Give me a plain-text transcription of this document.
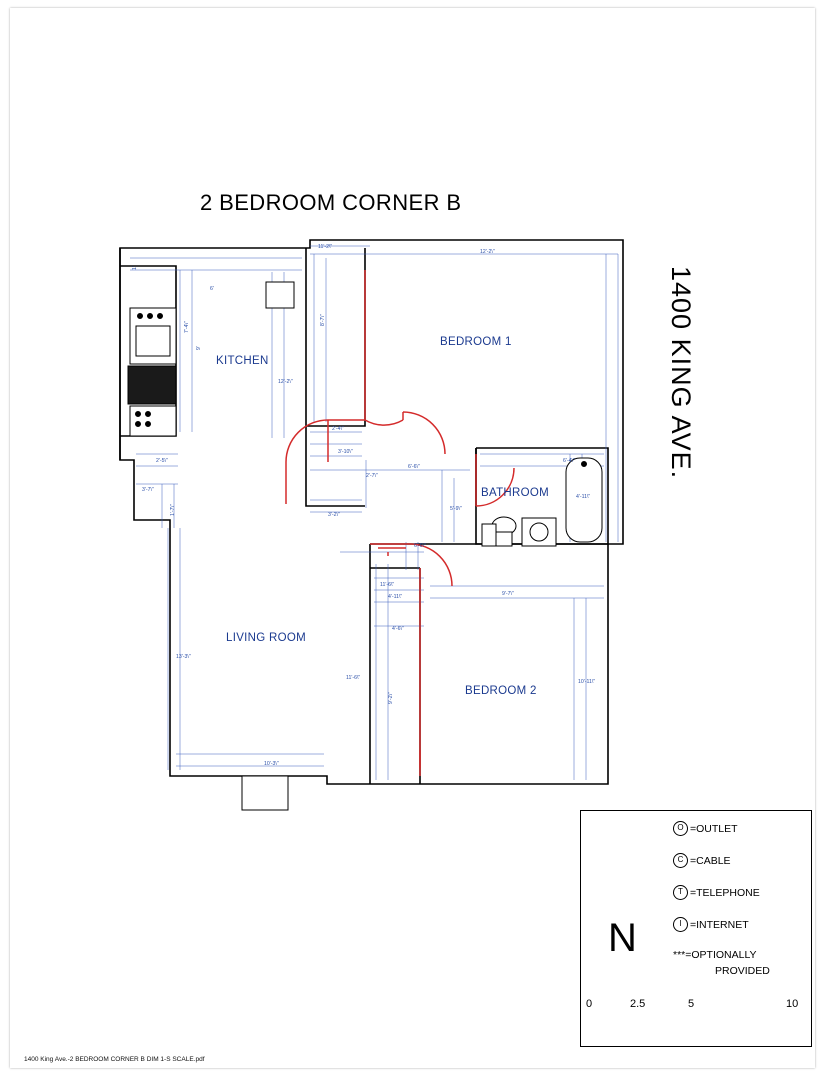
2 BEDROOM CORNER B
1400 KING AVE.
1400 King Ave.-2 BEDROOM CORNER B DIM 1-S SCALE.pdf
KITCHEN
BEDROOM 1
BATHROOM
LIVING ROOM
BEDROOM 2
12'-2\"
11'-2\"
8'-7\"
6'
1'
7'-4\"
9'
12'-2\"
2'-4\"
3'-10\"
2'-7\"
6'-6\"
3'-2\"
5'-9\"
6'-4\"
4'-11\"
2'-5\"
3'-7\"
1'-7\"
13'-3\"
11'-6\"
6'-6\"
11'-6\"
4'-11\"	9'-7\"
4'-6\"
9'-2\"
10'-11\"
10'-3\"
O =OUTLET
C =CABLE
T =TELEPHONE
I =INTERNET
***=OPTIONALLY
PROVIDED
N
0	2.5	5	10
